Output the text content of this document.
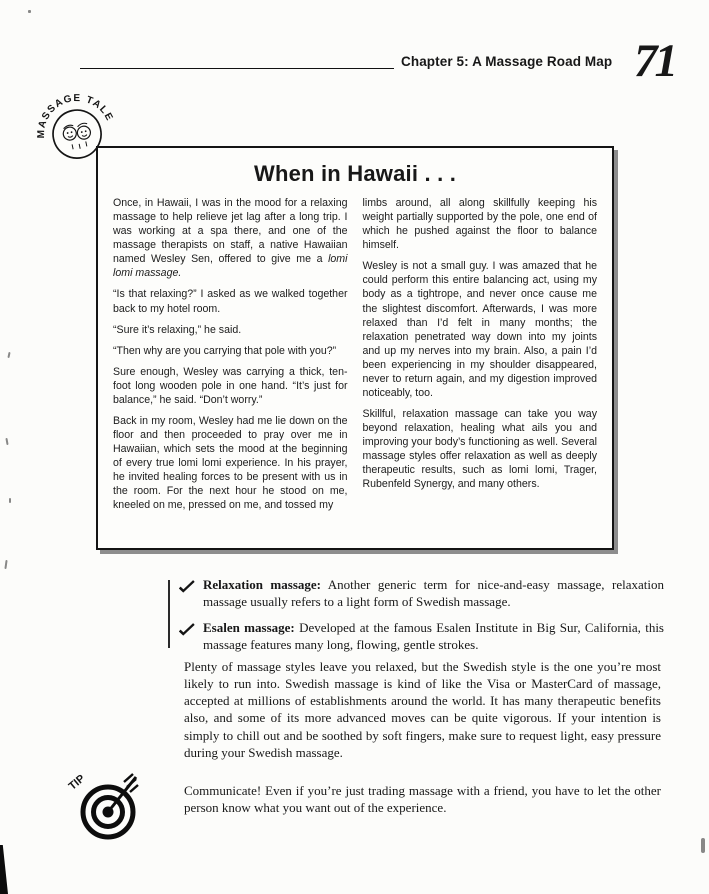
Chapter 5: A Massage Road Map 71
MASSAGE TALE
When in Hawaii . . .

Once, in Hawaii, I was in the mood for a relaxing massage to help relieve jet lag after a long trip. I was working at a spa there, and one of the massage therapists on staff, a native Hawaiian named Wesley Sen, offered to give me a lomi lomi massage.

“Is that relaxing?” I asked as we walked together back to my hotel room.

“Sure it’s relaxing,” he said.

“Then why are you carrying that pole with you?”

Sure enough, Wesley was carrying a thick, ten-foot long wooden pole in one hand. “It’s just for balance,” he said. “Don’t worry.”

Back in my room, Wesley had me lie down on the floor and then proceeded to pray over me in Hawaiian, which sets the mood at the beginning of every true lomi lomi experience. In his prayer, he invited healing forces to be present with us in the room. For the next hour he stood on me, kneeled on me, pressed on me, and tossed my

limbs around, all along skillfully keeping his weight partially supported by the pole, one end of which he pushed against the floor to balance himself.

Wesley is not a small guy. I was amazed that he could perform this entire balancing act, using my body as a tightrope, and never once cause me the slightest discomfort. Afterwards, I was more relaxed than I’d felt in many months; the relaxation penetrated way down into my joints and up my nerves into my brain. Also, a pain I’d been experiencing in my shoulder disappeared, never to return again, and my digestion improved noticeably, too.

Skillful, relaxation massage can take you way beyond relaxation, healing what ails you and improving your body’s functioning as well. Several massage styles offer relaxation as well as deeply therapeutic results, such as lomi lomi, Trager, Rubenfeld Synergy, and many others.

Relaxation massage: Another generic term for nice-and-easy massage, relaxation massage usually refers to a light form of Swedish massage.

Esalen massage: Developed at the famous Esalen Institute in Big Sur, California, this massage features many long, flowing, gentle strokes.

Plenty of massage styles leave you relaxed, but the Swedish style is the one you’re most likely to run into. Swedish massage is kind of like the Visa or MasterCard of massage, accepted at millions of establishments around the world. It has many therapeutic benefits also, and some of its more advanced moves can be quite vigorous. If your intention is simply to chill out and be soothed by soft fingers, make sure to request light, easy pressure during your Swedish massage.

TIP	Communicate! Even if you’re just trading massage with a friend, you have to let the other person know what you want out of the experience.
